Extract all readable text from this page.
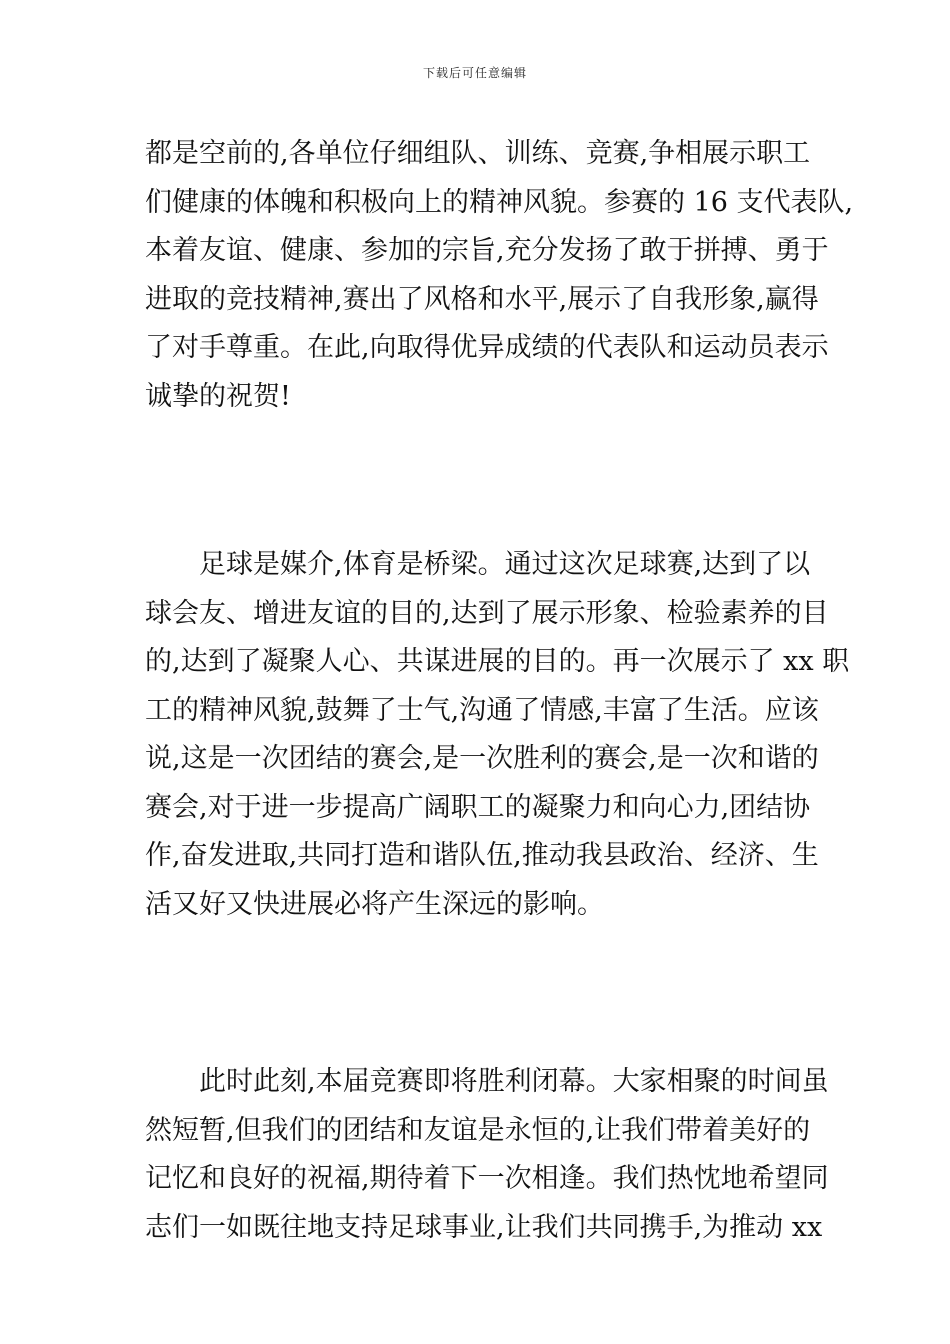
下载后可任意编辑
都是空前的,各单位仔细组队、训练、竞赛,争相展示职工
们健康的体魄和积极向上的精神风貌。参赛的 16 支代表队,
本着友谊、健康、参加的宗旨,充分发扬了敢于拼搏、勇于
进取的竞技精神,赛出了风格和水平,展示了自我形象,赢得
了对手尊重。在此,向取得优异成绩的代表队和运动员表示
诚挚的祝贺!
足球是媒介,体育是桥梁。通过这次足球赛,达到了以
球会友、增进友谊的目的,达到了展示形象、检验素养的目
的,达到了凝聚人心、共谋进展的目的。再一次展示了 xx 职
工的精神风貌,鼓舞了士气,沟通了情感,丰富了生活。应该
说,这是一次团结的赛会,是一次胜利的赛会,是一次和谐的
赛会,对于进一步提高广阔职工的凝聚力和向心力,团结协
作,奋发进取,共同打造和谐队伍,推动我县政治、经济、生
活又好又快进展必将产生深远的影响。
此时此刻,本届竞赛即将胜利闭幕。大家相聚的时间虽
然短暂,但我们的团结和友谊是永恒的,让我们带着美好的
记忆和良好的祝福,期待着下一次相逢。我们热忱地希望同
志们一如既往地支持足球事业,让我们共同携手,为推动 xx
